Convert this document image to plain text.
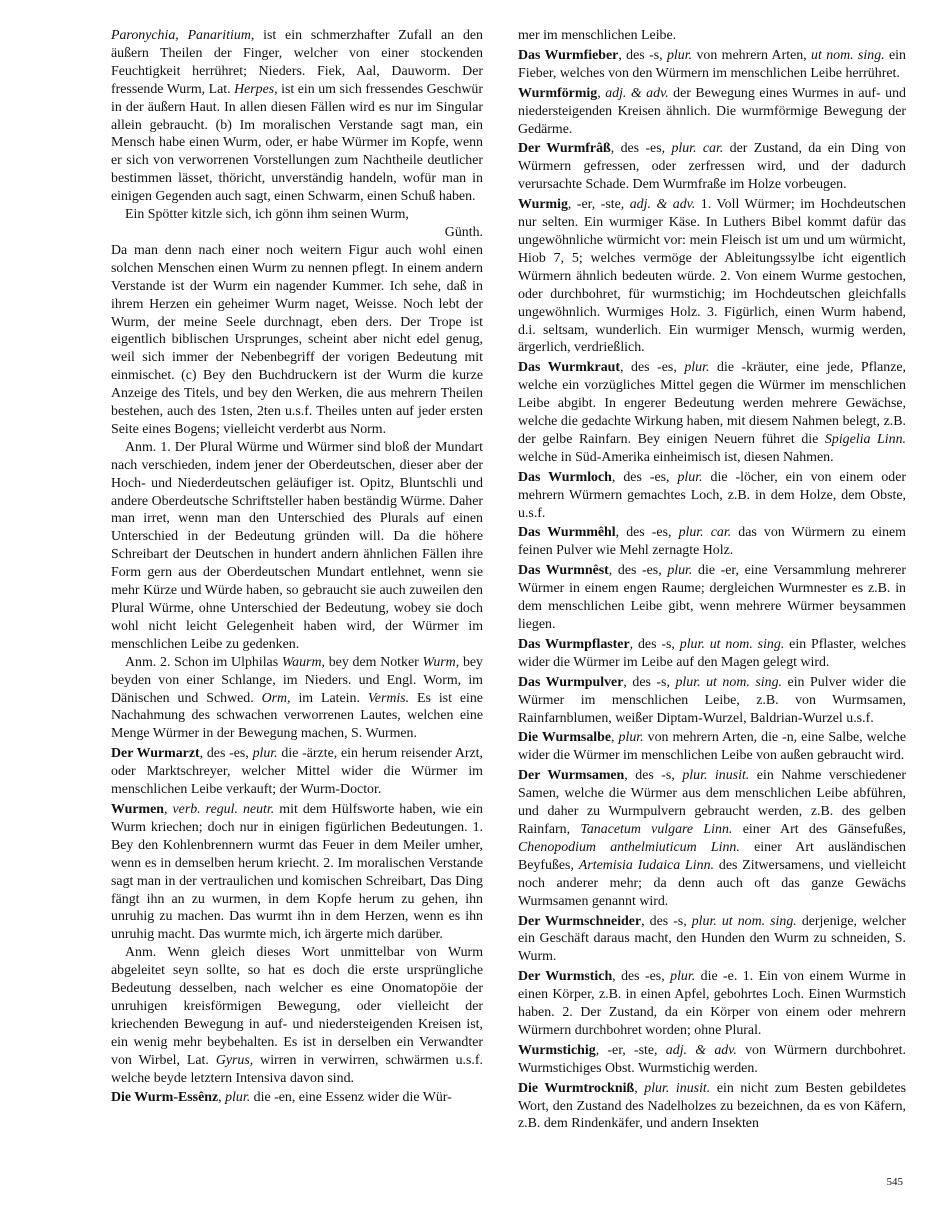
Paronychia, Panaritium, ist ein schmerzhafter Zufall an den äußern Theilen der Finger, welcher von einer stockenden Feuchtigkeit herrühret; Nieders. Fiek, Aal, Dauworm. Der fressende Wurm, Lat. Herpes, ist ein um sich fressendes Geschwür in der äußern Haut. In allen diesen Fällen wird es nur im Singular allein gebraucht. (b) Im moralischen Verstande sagt man, ein Mensch habe einen Wurm, oder, er habe Würmer im Kopfe, wenn er sich von verworrenen Vorstellungen zum Nachtheile deutlicher bestimmen lässet, thöricht, unverständig handeln, wofür man in einigen Gegenden auch sagt, einen Schwarm, einen Schuß haben.

Ein Spötter kitzle sich, ich gönn ihm seinen Wurm,

Günth.

Da man denn nach einer noch weitern Figur auch wohl einen solchen Menschen einen Wurm zu nennen pflegt. In einem andern Verstande ist der Wurm ein nagender Kummer. Ich sehe, daß in ihrem Herzen ein geheimer Wurm naget, Weisse. Noch lebt der Wurm, der meine Seele durchnagt, eben ders. Der Trope ist eigentlich biblischen Ursprunges, scheint aber nicht edel genug, weil sich immer der Nebenbegriff der vorigen Bedeutung mit einmischet. (c) Bey den Buchdruckern ist der Wurm die kurze Anzeige des Titels, und bey den Werken, die aus mehrern Theilen bestehen, auch des 1sten, 2ten u.s.f. Theiles unten auf jeder ersten Seite eines Bogens; vielleicht verderbt aus Norm.

Anm. 1. Der Plural Würme und Würmer sind bloß der Mundart nach verschieden, indem jener der Oberdeutschen, dieser aber der Hoch- und Niederdeutschen geläufiger ist. Opitz, Bluntschli und andere Oberdeutsche Schriftsteller haben beständig Würme. Daher man irret, wenn man den Unterschied des Plurals auf einen Unterschied in der Bedeutung gründen will. Da die höhere Schreibart der Deutschen in hundert andern ähnlichen Fällen ihre Form gern aus der Oberdeutschen Mundart entlehnet, wenn sie mehr Kürze und Würde haben, so gebraucht sie auch zuweilen den Plural Würme, ohne Unterschied der Bedeutung, wobey sie doch wohl nicht leicht Gelegenheit haben wird, der Würmer im menschlichen Leibe zu gedenken.

Anm. 2. Schon im Ulphilas Waurm, bey dem Notker Wurm, bey beyden von einer Schlange, im Nieders. und Engl. Worm, im Dänischen und Schwed. Orm, im Latein. Vermis. Es ist eine Nachahmung des schwachen verworrenen Lautes, welchen eine Menge Würmer in der Bewegung machen, S. Wurmen.

Der Wurmarzt, des -es, plur. die -ärzte, ein herum reisender Arzt, oder Marktschreyer, welcher Mittel wider die Würmer im menschlichen Leibe verkauft; der Wurm-Doctor.

Wurmen, verb. regul. neutr. mit dem Hülfsworte haben, wie ein Wurm kriechen; doch nur in einigen figürlichen Bedeutungen. 1. Bey den Kohlenbrennern wurmt das Feuer in dem Meiler umher, wenn es in demselben herum kriecht. 2. Im moralischen Verstande sagt man in der vertraulichen und komischen Schreibart, Das Ding fängt ihn an zu wurmen, in dem Kopfe herum zu gehen, ihn unruhig zu machen. Das wurmt ihn in dem Herzen, wenn es ihn unruhig macht. Das wurmte mich, ich ärgerte mich darüber.

Anm. Wenn gleich dieses Wort unmittelbar von Wurm abgeleitet seyn sollte, so hat es doch die erste ursprüngliche Bedeutung desselben, nach welcher es eine Onomatopöie der unruhigen kreisförmigen Bewegung, oder vielleicht der kriechenden Bewegung in auf- und niedersteigenden Kreisen ist, ein wenig mehr beybehalten. Es ist in derselben ein Verwandter von Wirbel, Lat. Gyrus, wirren in verwirren, schwärmen u.s.f. welche beyde letztern Intensiva davon sind.

Die Wurm-Essênz, plur. die -en, eine Essenz wider die Wür-

mer im menschlichen Leibe.

Das Wurmfieber, des -s, plur. von mehrern Arten, ut nom. sing. ein Fieber, welches von den Würmern im menschlichen Leibe herrühret.

Wurmförmig, adj. & adv. der Bewegung eines Wurmes in auf- und niedersteigenden Kreisen ähnlich. Die wurmförmige Bewegung der Gedärme.

Der Wurmfrâß, des -es, plur. car. der Zustand, da ein Ding von Würmern gefressen, oder zerfressen wird, und der dadurch verursachte Schade. Dem Wurmfraße im Holze vorbeugen.

Wurmig, -er, -ste, adj. & adv. 1. Voll Würmer; im Hochdeutschen nur selten. Ein wurmiger Käse. In Luthers Bibel kommt dafür das ungewöhnliche würmicht vor: mein Fleisch ist um und um würmicht, Hiob 7, 5; welches vermöge der Ableitungssylbe icht eigentlich Würmern ähnlich bedeuten würde. 2. Von einem Wurme gestochen, oder durchbohret, für wurmstichig; im Hochdeutschen gleichfalls ungewöhnlich. Wurmiges Holz. 3. Figürlich, einen Wurm habend, d.i. seltsam, wunderlich. Ein wurmiger Mensch, wurmig werden, ärgerlich, verdrießlich.

Das Wurmkraut, des -es, plur. die -kräuter, eine jede, Pflanze, welche ein vorzügliches Mittel gegen die Würmer im menschlichen Leibe abgibt. In engerer Bedeutung werden mehrere Gewächse, welche die gedachte Wirkung haben, mit diesem Nahmen belegt, z.B. der gelbe Rainfarn. Bey einigen Neuern führet die Spigelia Linn. welche in Süd-Amerika einheimisch ist, diesen Nahmen.

Das Wurmloch, des -es, plur. die -löcher, ein von einem oder mehrern Würmern gemachtes Loch, z.B. in dem Holze, dem Obste, u.s.f.

Das Wurmmêhl, des -es, plur. car. das von Würmern zu einem feinen Pulver wie Mehl zernagte Holz.

Das Wurmnêst, des -es, plur. die -er, eine Versammlung mehrerer Würmer in einem engen Raume; dergleichen Wurmnester es z.B. in dem menschlichen Leibe gibt, wenn mehrere Würmer beysammen liegen.

Das Wurmpflaster, des -s, plur. ut nom. sing. ein Pflaster, welches wider die Würmer im Leibe auf den Magen gelegt wird.

Das Wurmpulver, des -s, plur. ut nom. sing. ein Pulver wider die Würmer im menschlichen Leibe, z.B. von Wurmsamen, Rainfarnblumen, weißer Diptam-Wurzel, Baldrian-Wurzel u.s.f.

Die Wurmsalbe, plur. von mehrern Arten, die -n, eine Salbe, welche wider die Würmer im menschlichen Leibe von außen gebraucht wird.

Der Wurmsamen, des -s, plur. inusit. ein Nahme verschiedener Samen, welche die Würmer aus dem menschlichen Leibe abführen, und daher zu Wurmpulvern gebraucht werden, z.B. des gelben Rainfarn, Tanacetum vulgare Linn. einer Art des Gänsefußes, Chenopodium anthelmiuticum Linn. einer Art ausländischen Beyfußes, Artemisia Iudaica Linn. des Zitwersamens, und vielleicht noch anderer mehr; da denn auch oft das ganze Gewächs Wurmsamen genannt wird.

Der Wurmschneider, des -s, plur. ut nom. sing. derjenige, welcher ein Geschäft daraus macht, den Hunden den Wurm zu schneiden, S. Wurm.

Der Wurmstich, des -es, plur. die -e. 1. Ein von einem Wurme in einen Körper, z.B. in einen Apfel, gebohrtes Loch. Einen Wurmstich haben. 2. Der Zustand, da ein Körper von einem oder mehrern Würmern durchbohret worden; ohne Plural.

Wurmstichig, -er, -ste, adj. & adv. von Würmern durchbohret. Wurmstichiges Obst. Wurmstichig werden.

Die Wurmtrockniß, plur. inusit. ein nicht zum Besten gebildetes Wort, den Zustand des Nadelholzes zu bezeichnen, da es von Käfern, z.B. dem Rindenkäfer, und andern Insekten

545
